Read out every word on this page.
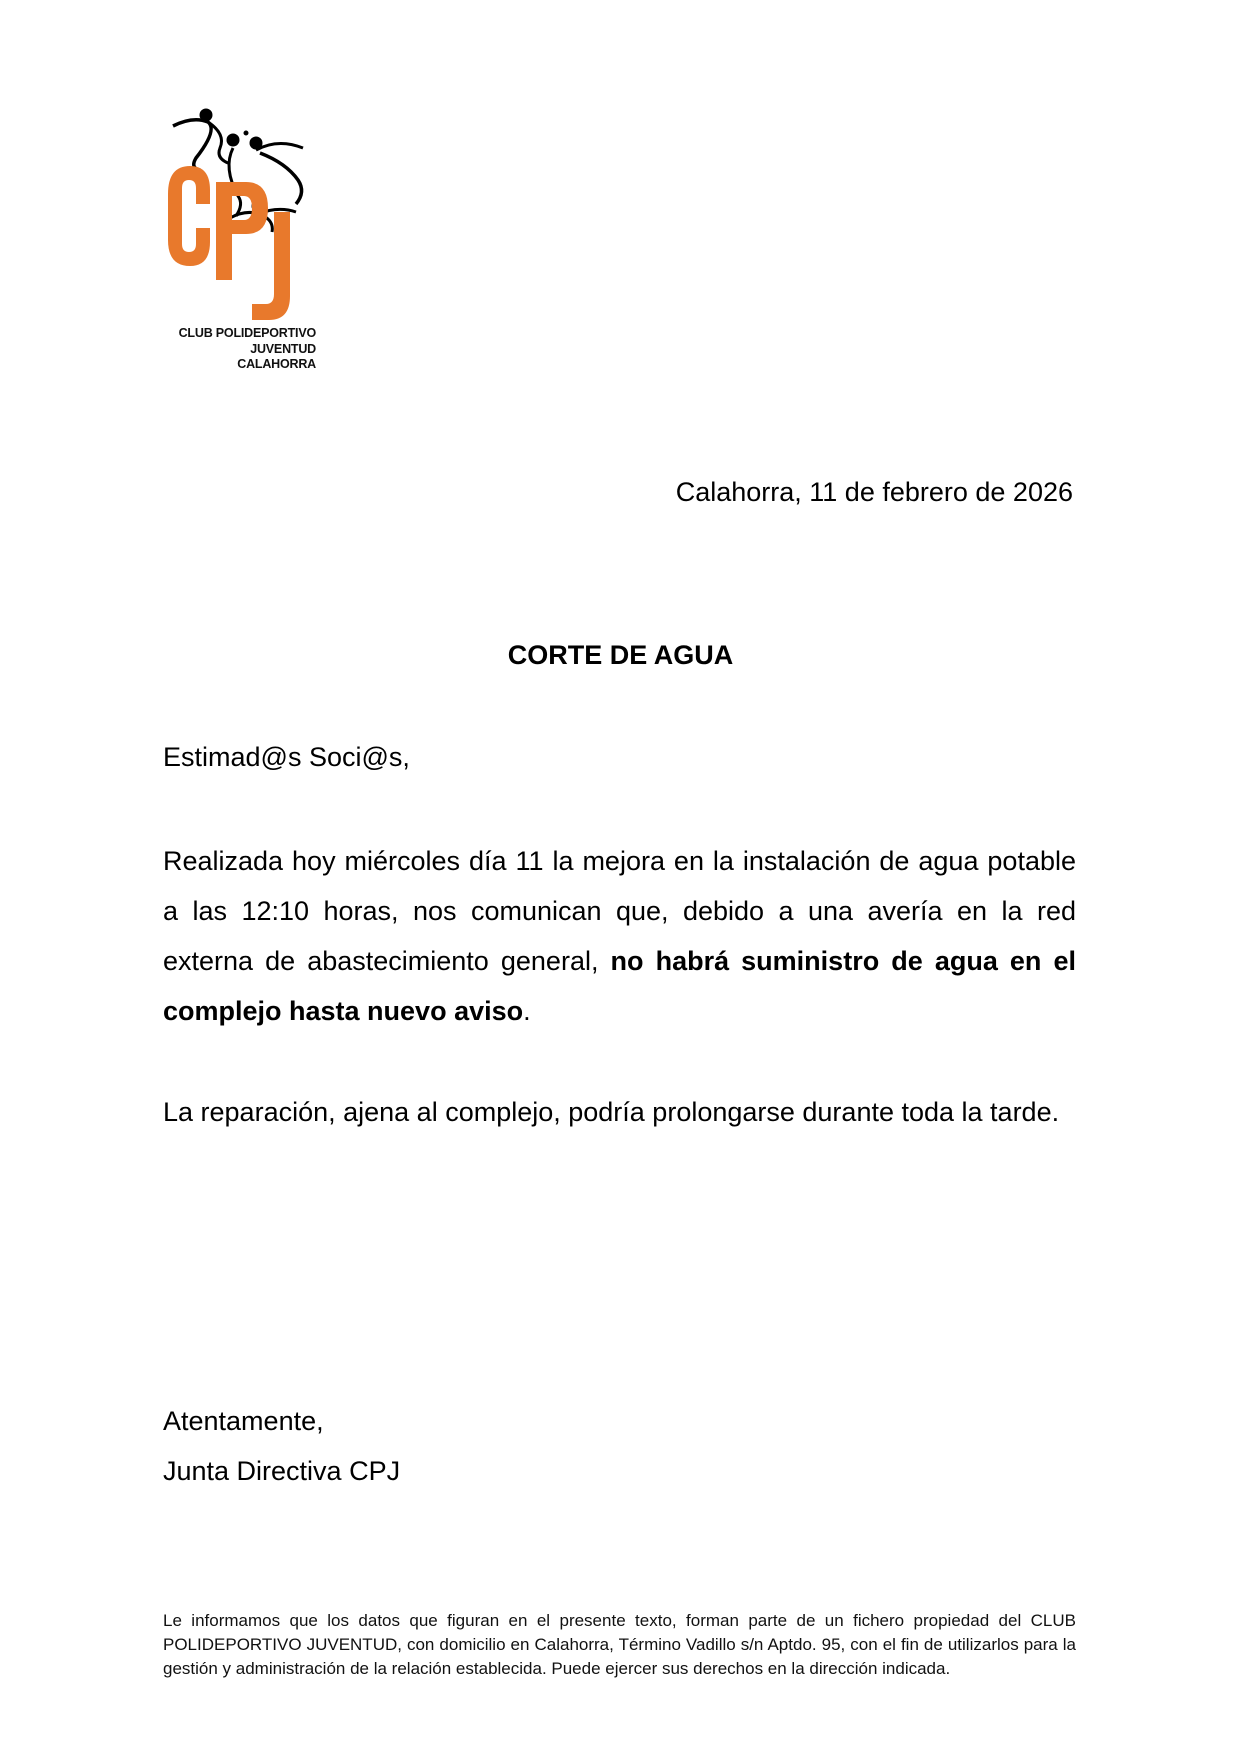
CLUB POLIDEPORTIVO
JUVENTUD
CALAHORRA
Calahorra, 11 de febrero de 2026
CORTE DE AGUA
Estimad@s Soci@s,
Realizada hoy miércoles día 11 la mejora en la instalación de agua potable a las 12:10 horas, nos comunican que, debido a una avería en la red externa de abastecimiento general, no habrá suministro de agua en el complejo hasta nuevo aviso.
La reparación, ajena al complejo, podría prolongarse durante toda la tarde.
Atentamente,
Junta Directiva CPJ
Le informamos que los datos que figuran en el presente texto, forman parte de un fichero propiedad del CLUB POLIDEPORTIVO JUVENTUD, con domicilio en Calahorra, Término Vadillo s/n Aptdo. 95, con el fin de utilizarlos para la gestión y administración de la relación establecida. Puede ejercer sus derechos en la dirección indicada.
